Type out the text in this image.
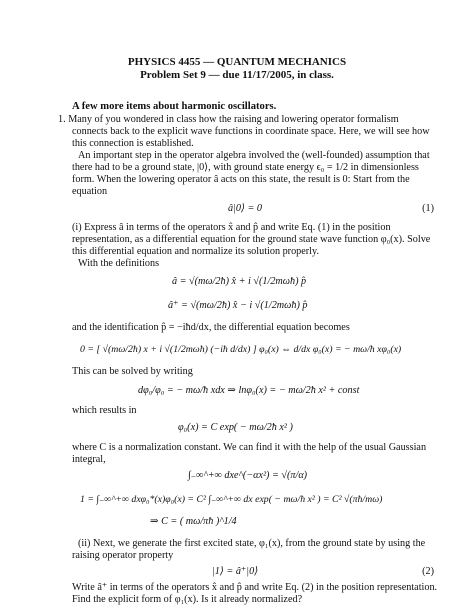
PHYSICS 4455 — QUANTUM MECHANICS
Problem Set 9 — due 11/17/2005, in class.
A few more items about harmonic oscillators.
1. Many of you wondered in class how the raising and lowering operator formalism
connects back to the explicit wave functions in coordinate space. Here, we will see how
this connection is established.
An important step in the operator algebra involved the (well-founded) assumption that
there had to be a ground state, |0⟩, with ground state energy ϵ₀ = 1/2 in dimensionless
form. When the lowering operator â acts on this state, the result is 0: Start from the
equation
â|0⟩ = 0	(1)
(i) Express â in terms of the operators x̂ and p̂ and write Eq. (1) in the position
representation, as a differential equation for the ground state wave function φ₀(x). Solve
this differential equation and normalize its solution properly.
With the definitions
â = √(mω/2ħ) x̂ + i √(1/2mωħ) p̂
â⁺ = √(mω/2ħ) x̂ − i √(1/2mωħ) p̂
and the identification p̂ = −iħd/dx, the differential equation becomes
0 = [ √(mω/2ħ) x + i √(1/2mωħ) (−iħ d/dx) ] φ₀(x) ⇔ d/dx φ₀(x) = − mω/ħ xφ₀(x)
This can be solved by writing
dφ₀/φ₀ = − mω/ħ xdx ⇒ lnφ₀(x) = − mω/2ħ x² + const
which results in
φ₀(x) = C exp( − mω/2ħ x² )
where C is a normalization constant. We can find it with the help of the usual Gaussian
integral,
∫₋∞^+∞ dxe^(−αx²) = √(π/α)
1 = ∫₋∞^+∞ dxφ₀*(x)φ₀(x) = C² ∫₋∞^+∞ dx exp( − mω/ħ x² ) = C² √(πħ/mω)
⇒ C = ( mω/πħ )^1/4
(ii) Next, we generate the first excited state, φ₁(x), from the ground state by using the
raising operator property
|1⟩ = â⁺|0⟩	(2)
Write â⁺ in terms of the operators x̂ and p̂ and write Eq. (2) in the position representation.
Find the explicit form of φ₁(x). Is it already normalized?
